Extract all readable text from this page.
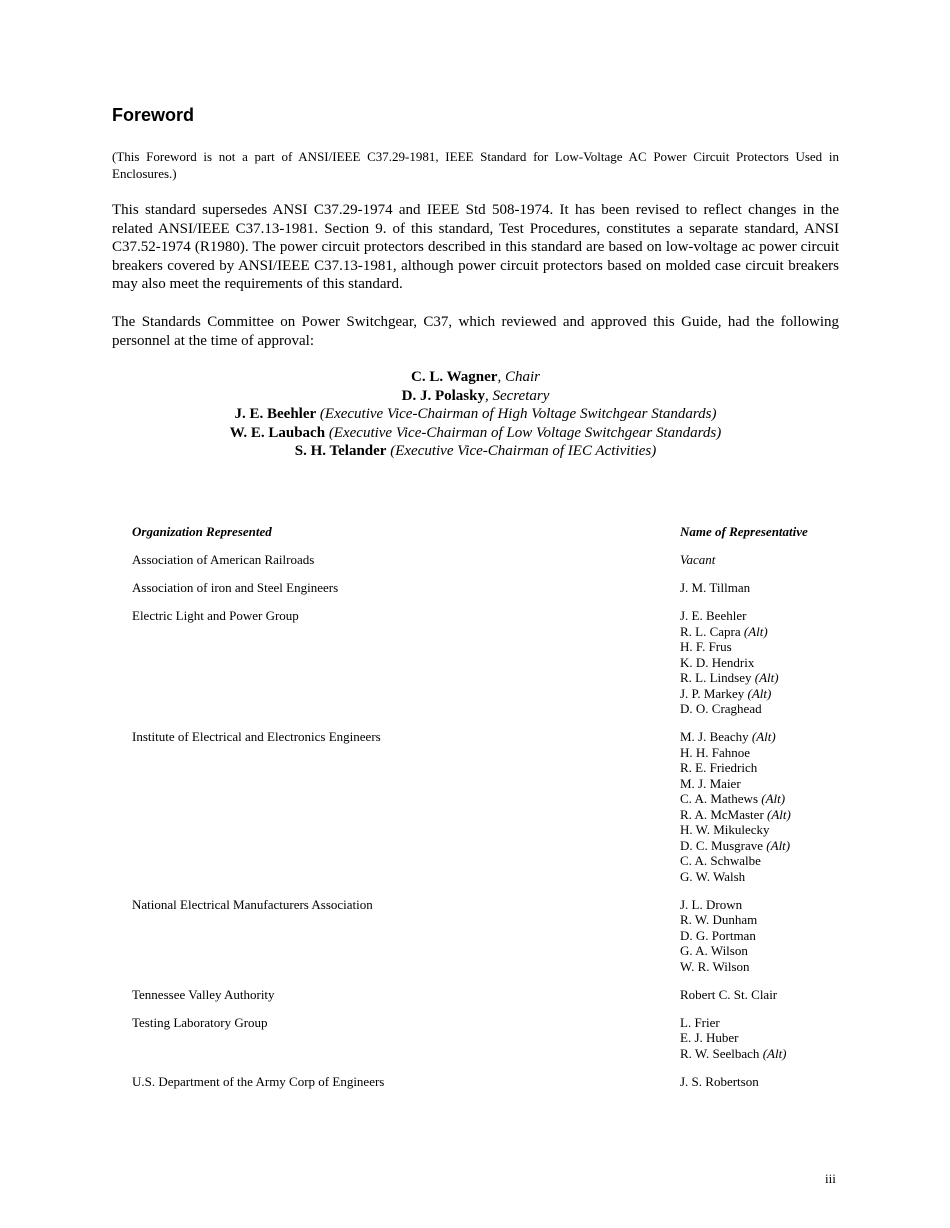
Foreword

(This Foreword is not a part of ANSI/IEEE C37.29-1981, IEEE Standard for Low-Voltage AC Power Circuit Protectors Used in Enclosures.)

This standard supersedes ANSI C37.29-1974 and IEEE Std 508-1974. It has been revised to reflect changes in the related ANSI/IEEE C37.13-1981. Section 9. of this standard, Test Procedures, constitutes a separate standard, ANSI C37.52-1974 (R1980). The power circuit protectors described in this standard are based on low-voltage ac power circuit breakers covered by ANSI/IEEE C37.13-1981, although power circuit protectors based on molded case circuit breakers may also meet the requirements of this standard.

The Standards Committee on Power Switchgear, C37, which reviewed and approved this Guide, had the following personnel at the time of approval:

C. L. Wagner, Chair
D. J. Polasky, Secretary
J. E. Beehler (Executive Vice-Chairman of High Voltage Switchgear Standards)
W. E. Laubach (Executive Vice-Chairman of Low Voltage Switchgear Standards)
S. H. Telander (Executive Vice-Chairman of IEC Activities)
Organization Represented	Name of Representative
Association of American Railroads	Vacant
Association of iron and Steel Engineers	J. M. Tillman
Electric Light and Power Group	J. E. Beehler
R. L. Capra (Alt)
H. F. Frus
K. D. Hendrix
R. L. Lindsey (Alt)
J. P. Markey (Alt)
D. O. Craghead
Institute of Electrical and Electronics Engineers	M. J. Beachy (Alt)
H. H. Fahnoe
R. E. Friedrich
M. J. Maier
C. A. Mathews (Alt)
R. A. McMaster (Alt)
H. W. Mikulecky
D. C. Musgrave (Alt)
C. A. Schwalbe
G. W. Walsh
National Electrical Manufacturers Association	J. L. Drown
R. W. Dunham
D. G. Portman
G. A. Wilson
W. R. Wilson
Tennessee Valley Authority	Robert C. St. Clair
Testing Laboratory Group	L. Frier
E. J. Huber
R. W. Seelbach (Alt)
U.S. Department of the Army Corp of Engineers	J. S. Robertson
iii
